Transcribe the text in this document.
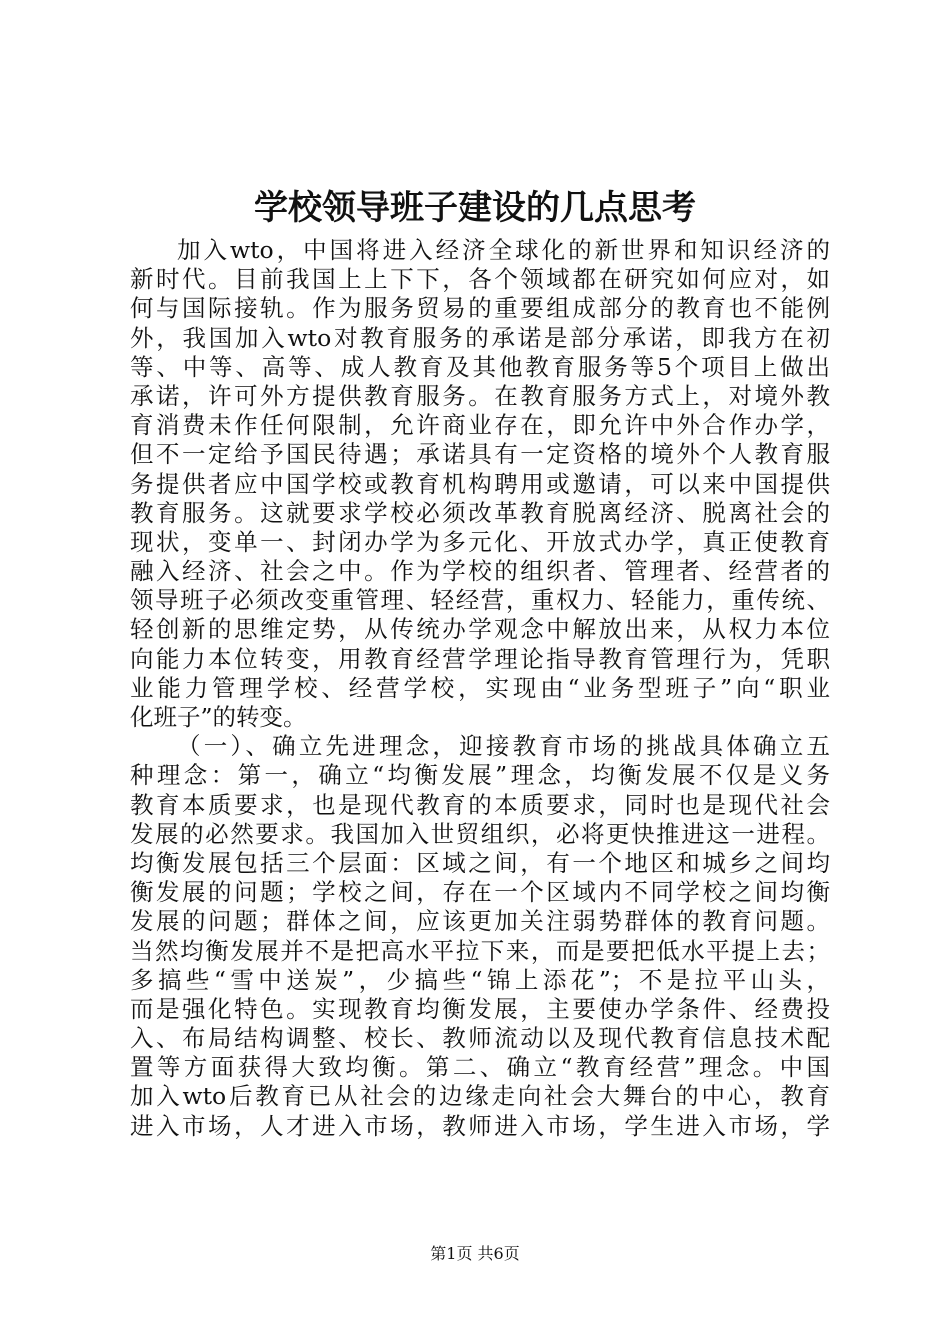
学校领导班子建设的几点思考
加入wto，中国将进入经济全球化的新世界和知识经济的
新时代。目前我国上上下下，各个领域都在研究如何应对，如
何与国际接轨。作为服务贸易的重要组成部分的教育也不能例
外，我国加入wto对教育服务的承诺是部分承诺，即我方在初
等、中等、高等、成人教育及其他教育服务等5个项目上做出
承诺，许可外方提供教育服务。在教育服务方式上，对境外教
育消费未作任何限制，允许商业存在，即允许中外合作办学，
但不一定给予国民待遇；承诺具有一定资格的境外个人教育服
务提供者应中国学校或教育机构聘用或邀请，可以来中国提供
教育服务。这就要求学校必须改革教育脱离经济、脱离社会的
现状，变单一、封闭办学为多元化、开放式办学，真正使教育
融入经济、社会之中。作为学校的组织者、管理者、经营者的
领导班子必须改变重管理、轻经营，重权力、轻能力，重传统、
轻创新的思维定势，从传统办学观念中解放出来，从权力本位
向能力本位转变，用教育经营学理论指导教育管理行为，凭职
业能力管理学校、经营学校，实现由“业务型班子”向“职业
化班子”的转变。
（一）、确立先进理念，迎接教育市场的挑战具体确立五
种理念：第一，确立“均衡发展”理念，均衡发展不仅是义务
教育本质要求，也是现代教育的本质要求，同时也是现代社会
发展的必然要求。我国加入世贸组织，必将更快推进这一进程。
均衡发展包括三个层面：区域之间，有一个地区和城乡之间均
衡发展的问题；学校之间，存在一个区域内不同学校之间均衡
发展的问题；群体之间，应该更加关注弱势群体的教育问题。
当然均衡发展并不是把高水平拉下来，而是要把低水平提上去；
多搞些“雪中送炭”，少搞些“锦上添花”；不是拉平山头，
而是强化特色。实现教育均衡发展，主要使办学条件、经费投
入、布局结构调整、校长、教师流动以及现代教育信息技术配
置等方面获得大致均衡。第二、确立“教育经营”理念。中国
加入wto后教育已从社会的边缘走向社会大舞台的中心，教育
进入市场，人才进入市场，教师进入市场，学生进入市场，学
第1页 共6页
